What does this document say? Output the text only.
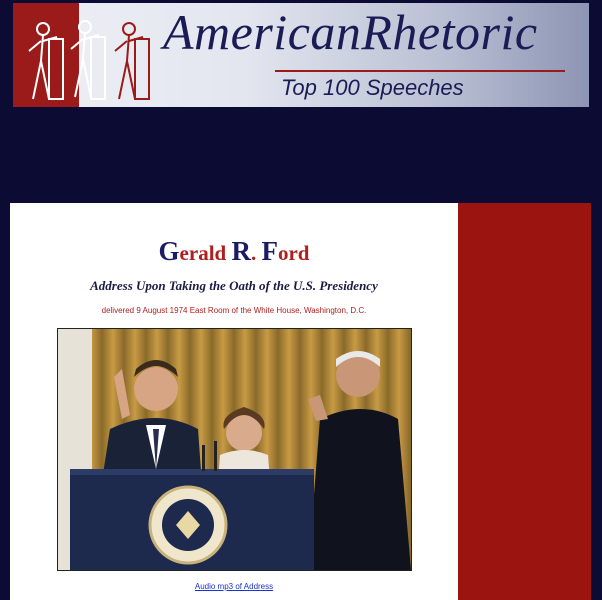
AmericanRhetoric
Top 100 Speeches
Gerald R. Ford
Address Upon Taking the Oath of the U.S. Presidency
delivered 9 August 1974 East Room of the White House, Washington, D.C.
Audio mp3 of Address
